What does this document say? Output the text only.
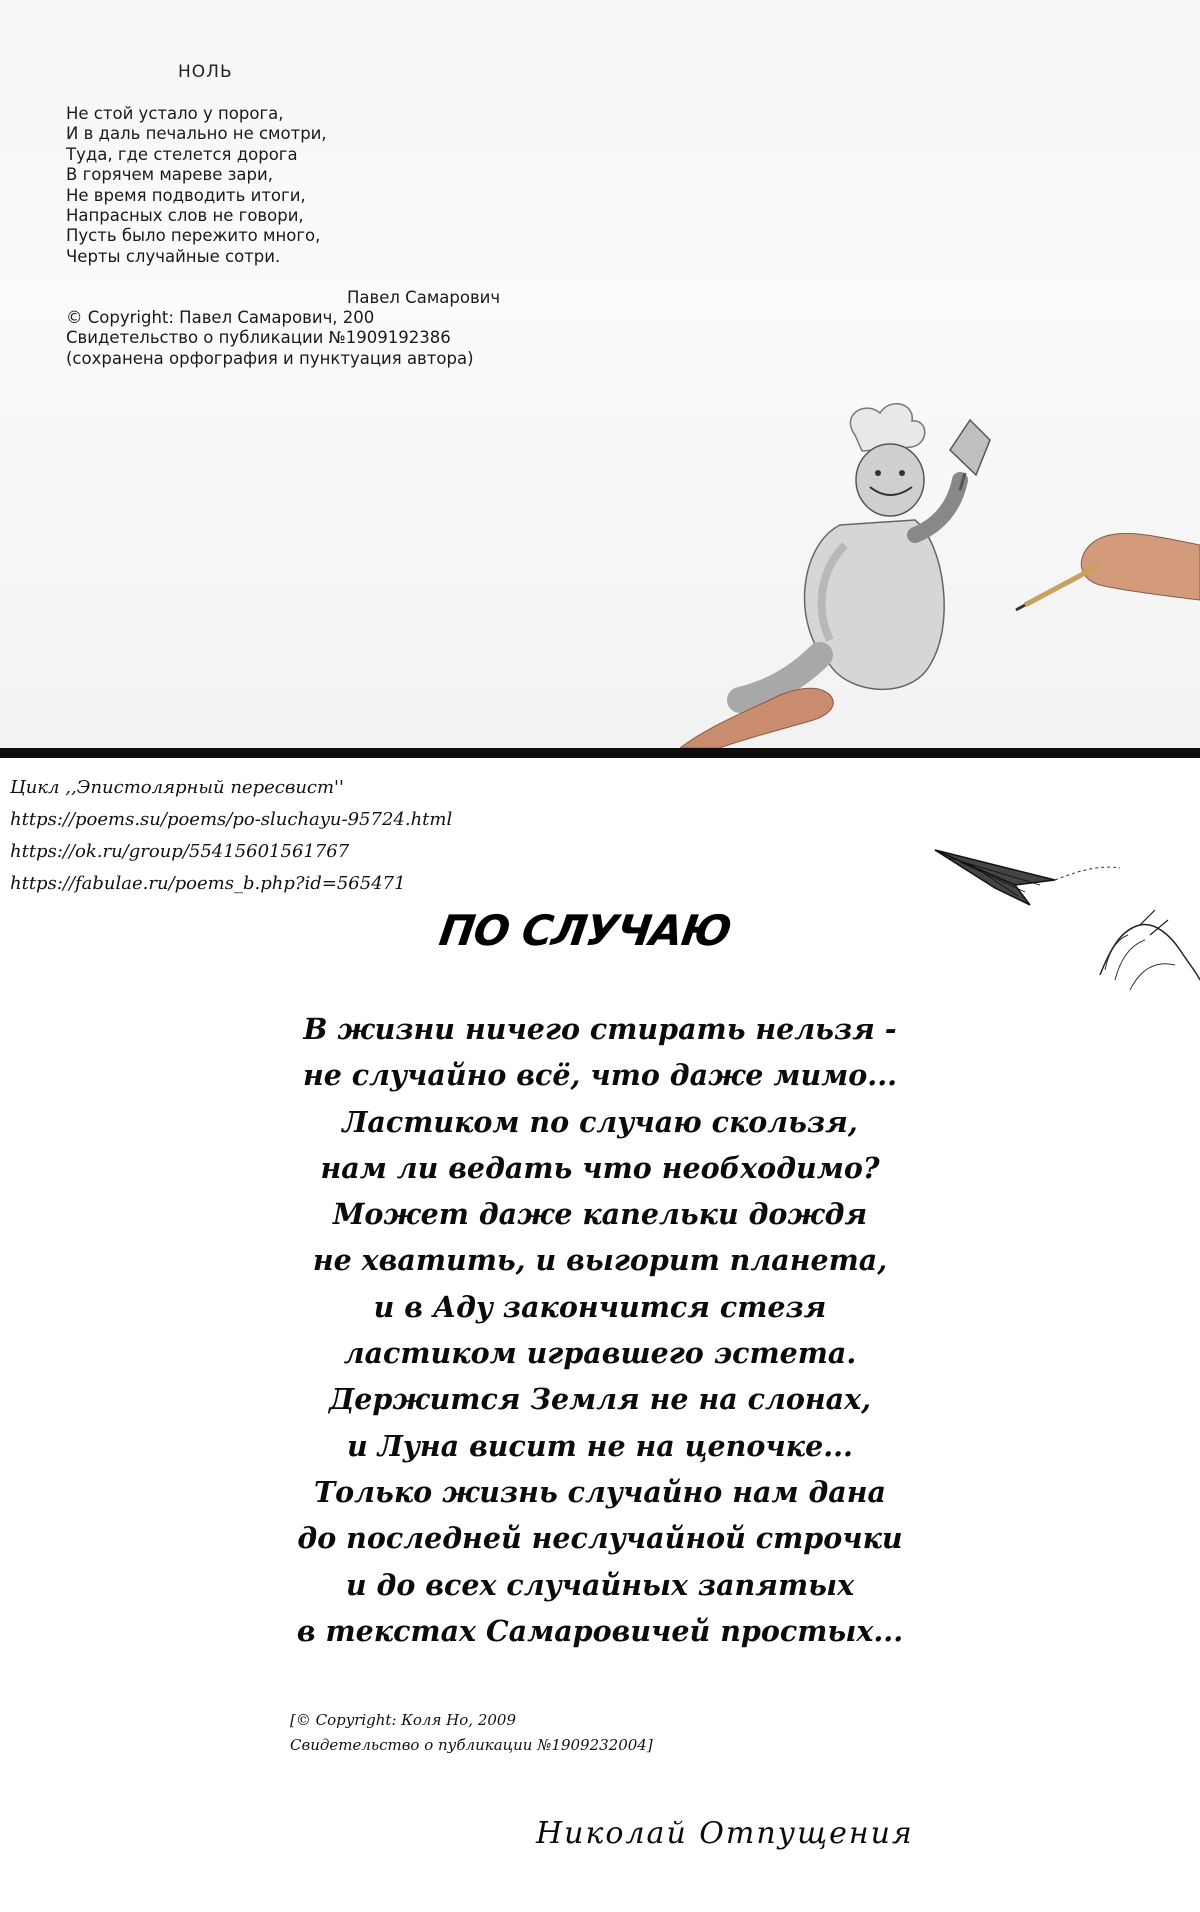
НОЛЬ
Не стой устало у порога,
И в даль печально не смотри,
Туда, где стелется дорога
В горячем мареве зари,
Не время подводить итоги,
Напрасных слов не говори,
Пусть было пережито много,
Черты случайные сотри.
Павел Самарович
© Copyright: Павел Самарович, 200
Свидетельство о публикации №1909192386
(сохранена орфография и пунктуация автора)
Цикл ,,Эпистолярный пересвист''
https://poems.su/poems/po-sluchayu-95724.html
https://ok.ru/group/55415601561767
https://fabulae.ru/poems_b.php?id=565471
ПО СЛУЧАЮ
В жизни ничего стирать нельзя -
не случайно всё, что даже мимо...
Ластиком по случаю скользя,
нам ли ведать что необходимо?
Может даже капельки дождя
не хватить, и выгорит планета,
и в Аду закончится стезя
ластиком игравшего эстета.
Держится Земля не на слонах,
и Луна висит не на цепочке...
Только жизнь случайно нам дана
до последней неслучайной строчки
и до всех случайных запятых
в текстах Самаровичей простых...
[© Copyright: Коля Но, 2009
Свидетельство о публикации №1909232004]
Николай Отпущения
